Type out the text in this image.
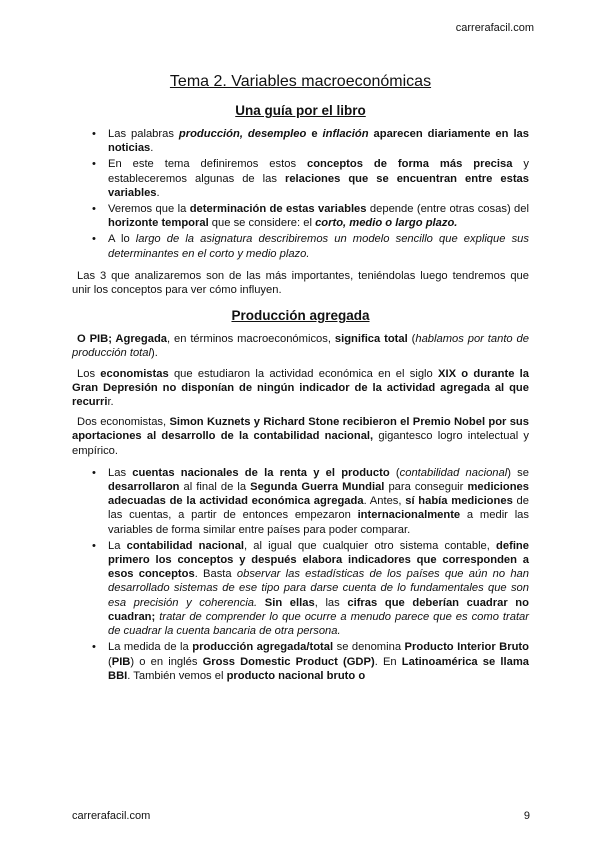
carrerafacil.com
Tema 2. Variables macroeconómicas
Una guía por el libro
• Las palabras producción, desempleo e inflación aparecen diariamente en las noticias.
• En este tema definiremos estos conceptos de forma más precisa y estableceremos algunas de las relaciones que se encuentran entre estas variables.
• Veremos que la determinación de estas variables depende (entre otras cosas) del horizonte temporal que se considere: el corto, medio o largo plazo.
• A lo largo de la asignatura describiremos un modelo sencillo que explique sus determinantes en el corto y medio plazo.

Las 3 que analizaremos son de las más importantes, teniéndolas luego tendremos que unir los conceptos para ver cómo influyen.

Producción agregada

O PIB; Agregada, en términos macroeconómicos, significa total (hablamos por tanto de producción total).

Los economistas que estudiaron la actividad económica en el siglo XIX o durante la Gran Depresión no disponían de ningún indicador de la actividad agregada al que recurrir.

Dos economistas, Simon Kuznets y Richard Stone recibieron el Premio Nobel por sus aportaciones al desarrollo de la contabilidad nacional, gigantesco logro intelectual y empírico.

• Las cuentas nacionales de la renta y el producto (contabilidad nacional) se desarrollaron al final de la Segunda Guerra Mundial para conseguir mediciones adecuadas de la actividad económica agregada. Antes, sí había mediciones de las cuentas, a partir de entonces empezaron internacionalmente a medir las variables de forma similar entre países para poder comparar.
• La contabilidad nacional, al igual que cualquier otro sistema contable, define primero los conceptos y después elabora indicadores que corresponden a esos conceptos. Basta observar las estadísticas de los países que aún no han desarrollado sistemas de ese tipo para darse cuenta de lo fundamentales que son esa precisión y coherencia. Sin ellas, las cifras que deberían cuadrar no cuadran; tratar de comprender lo que ocurre a menudo parece que es como tratar de cuadrar la cuenta bancaria de otra persona.
• La medida de la producción agregada/total se denomina Producto Interior Bruto (PIB) o en inglés Gross Domestic Product (GDP). En Latinoamérica se llama BBI. También vemos el producto nacional bruto o
carrerafacil.com	9
